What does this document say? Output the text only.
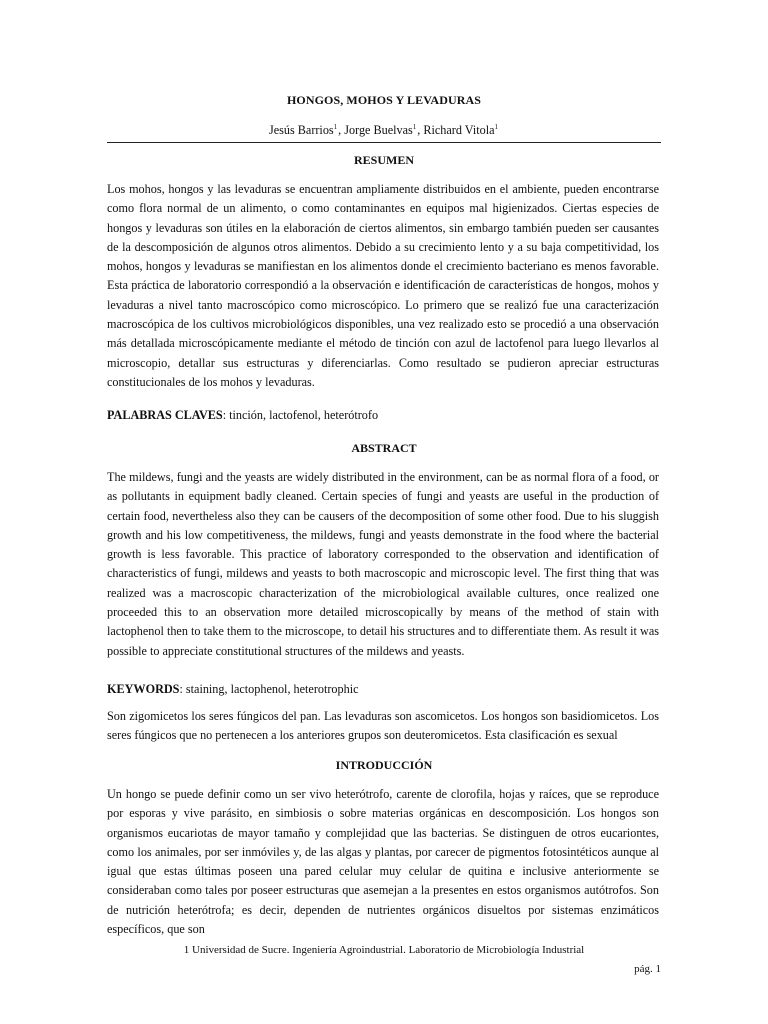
HONGOS, MOHOS Y LEVADURAS
Jesús Barrios$^1$, Jorge Buelvas$^1$, Richard Vitola$^1$
RESUMEN

Los mohos, hongos y las levaduras se encuentran ampliamente distribuidos en el ambiente, pueden encontrarse como flora normal de un alimento, o como contaminantes en equipos mal higienizados. Ciertas especies de hongos y levaduras son útiles en la elaboración de ciertos alimentos, sin embargo también pueden ser causantes de la descomposición de algunos otros alimentos. Debido a su crecimiento lento y a su baja competitividad, los mohos, hongos y levaduras se manifiestan en los alimentos donde el crecimiento bacteriano es menos favorable. Esta práctica de laboratorio correspondió a la observación e identificación de características de hongos, mohos y levaduras a nivel tanto macroscópico como microscópico. Lo primero que se realizó fue una caracterización macroscópica de los cultivos microbiológicos disponibles, una vez realizado esto se procedió a una observación más detallada microscópicamente mediante el método de tinción con azul de lactofenol para luego llevarlos al microscopio, detallar sus estructuras y diferenciarlas. Como resultado se pudieron apreciar estructuras constitucionales de los mohos y levaduras.

PALABRAS CLAVES: tinción, lactofenol, heterótrofo

ABSTRACT

The mildews, fungi and the yeasts are widely distributed in the environment, can be as normal flora of a food, or as pollutants in equipment badly cleaned. Certain species of fungi and yeasts are useful in the production of certain food, nevertheless also they can be causers of the decomposition of some other food. Due to his sluggish growth and his low competitiveness, the mildews, fungi and yeasts demonstrate in the food where the bacterial growth is less favorable. This practice of laboratory corresponded to the observation and identification of characteristics of fungi, mildews and yeasts to both macroscopic and microscopic level. The first thing that was realized was a macroscopic characterization of the microbiological available cultures, once realized one proceeded this to an observation more detailed microscopically by means of the method of stain with lactophenol then to take them to the microscope, to detail his structures and to differentiate them. As result it was possible to appreciate constitutional structures of the mildews and yeasts.

KEYWORDS: staining, lactophenol, heterotrophic

Son zigomicetos los seres fúngicos del pan. Las levaduras son ascomicetos. Los hongos son basidiomicetos. Los seres fúngicos que no pertenecen a los anteriores grupos son deuteromicetos. Esta clasificación es sexual

INTRODUCCIÓN

Un hongo se puede definir como un ser vivo heterótrofo, carente de clorofila, hojas y raíces, que se reproduce por esporas y vive parásito, en simbiosis o sobre materias orgánicas en descomposición. Los hongos son organismos eucariotas de mayor tamaño y complejidad que las bacterias. Se distinguen de otros eucariontes, como los animales, por ser inmóviles y, de las algas y plantas, por carecer de pigmentos fotosintéticos aunque al igual que estas últimas poseen una pared celular muy celular de quitina e inclusive anteriormente se consideraban como tales por poseer estructuras que asemejan a la presentes en estos organismos autótrofos. Son de nutrición heterótrofa; es decir, dependen de nutrientes orgánicos disueltos por sistemas enzimáticos específicos, que son

1 Universidad de Sucre. Ingeniería Agroindustrial. Laboratorio de Microbiología Industrial
pág. 1
